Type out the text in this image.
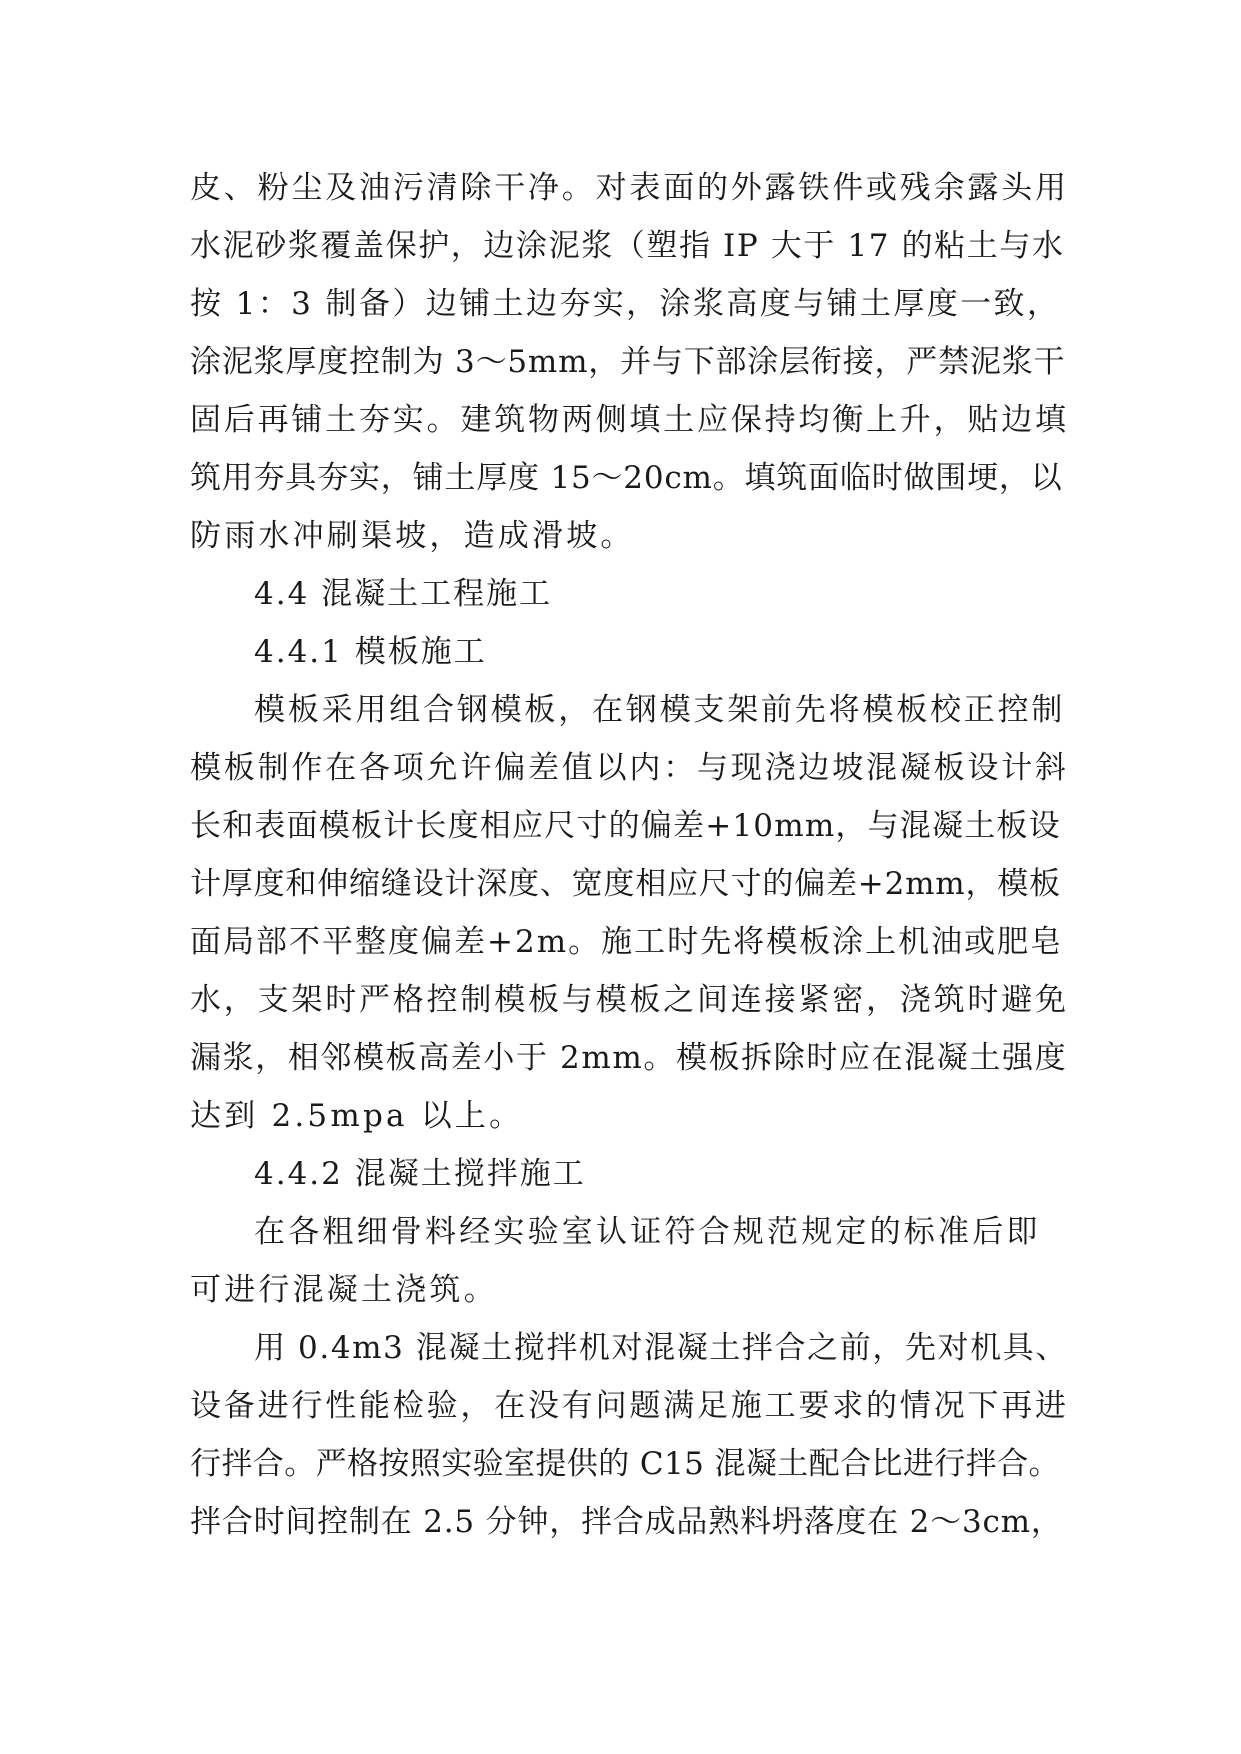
皮、粉尘及油污清除干净。对表面的外露铁件或残余露头用
水泥砂浆覆盖保护，边涂泥浆（塑指 IP 大于 17 的粘土与水
按 1：3 制备）边铺土边夯实，涂浆高度与铺土厚度一致，
涂泥浆厚度控制为 3～5mm，并与下部涂层衔接，严禁泥浆干
固后再铺土夯实。建筑物两侧填土应保持均衡上升，贴边填
筑用夯具夯实，铺土厚度 15～20cm。填筑面临时做围埂，以
防雨水冲刷渠坡，造成滑坡。
4.4 混凝土工程施工
4.4.1 模板施工
模板采用组合钢模板，在钢模支架前先将模板校正控制
模板制作在各项允许偏差值以内：与现浇边坡混凝板设计斜
长和表面模板计长度相应尺寸的偏差+10mm，与混凝土板设
计厚度和伸缩缝设计深度、宽度相应尺寸的偏差+2mm，模板
面局部不平整度偏差+2m。施工时先将模板涂上机油或肥皂
水，支架时严格控制模板与模板之间连接紧密，浇筑时避免
漏浆，相邻模板高差小于 2mm。模板拆除时应在混凝土强度
达到 2.5mpa 以上。
4.4.2 混凝土搅拌施工
在各粗细骨料经实验室认证符合规范规定的标准后即
可进行混凝土浇筑。
用 0.4m3 混凝土搅拌机对混凝土拌合之前，先对机具、
设备进行性能检验，在没有问题满足施工要求的情况下再进
行拌合。严格按照实验室提供的 C15 混凝土配合比进行拌合。
拌合时间控制在 2.5 分钟，拌合成品熟料坍落度在 2～3cm，
